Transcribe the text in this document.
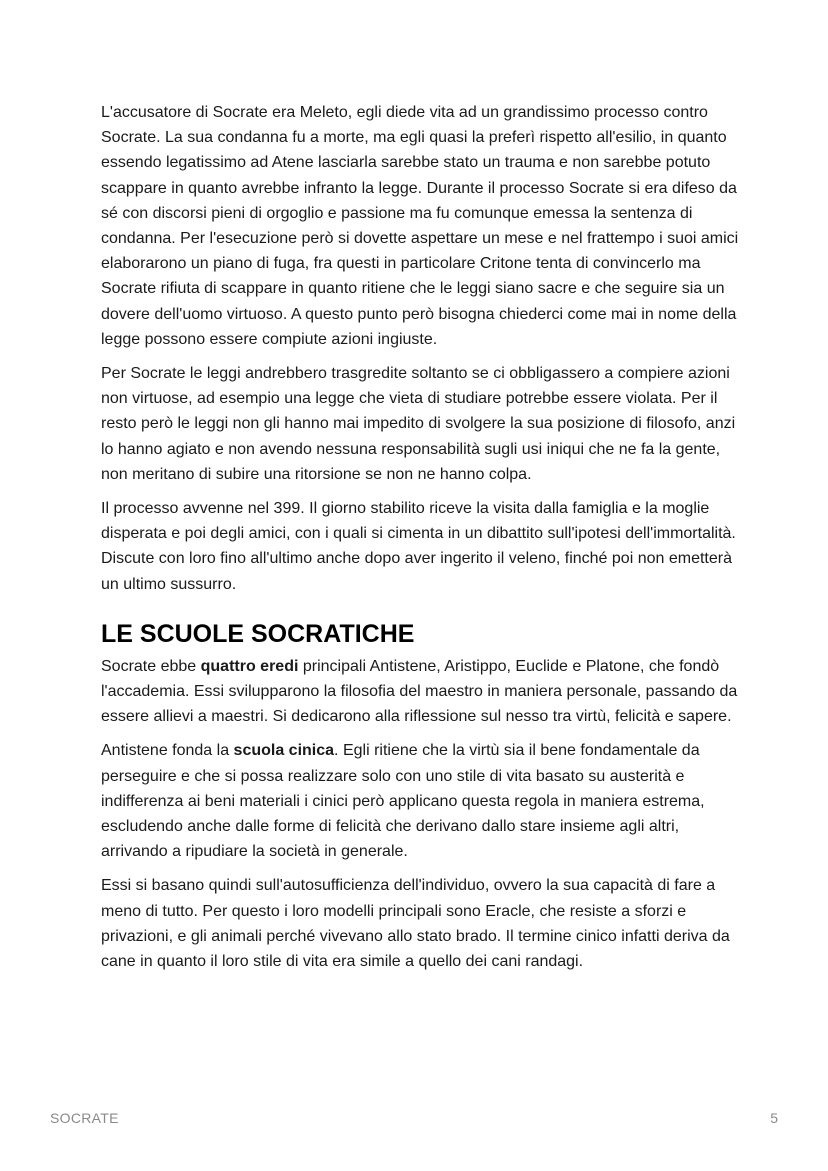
L'accusatore di Socrate era Meleto, egli diede vita ad un grandissimo processo contro Socrate. La sua condanna fu a morte, ma egli quasi la preferì rispetto all'esilio, in quanto essendo legatissimo ad Atene lasciarla sarebbe stato un trauma e non sarebbe potuto scappare in quanto avrebbe infranto la legge. Durante il processo Socrate si era difeso da sé con discorsi pieni di orgoglio e passione ma fu comunque emessa la sentenza di condanna. Per l'esecuzione però si dovette aspettare un mese e nel frattempo i suoi amici elaborarono un piano di fuga, fra questi in particolare Critone tenta di convincerlo ma Socrate rifiuta di scappare in quanto ritiene che le leggi siano sacre e che seguire sia un dovere dell'uomo virtuoso. A questo punto però bisogna chiederci come mai in nome della legge possono essere compiute azioni ingiuste.

Per Socrate le leggi andrebbero trasgredite soltanto se ci obbligassero a compiere azioni non virtuose, ad esempio una legge che vieta di studiare potrebbe essere violata. Per il resto però le leggi non gli hanno mai impedito di svolgere la sua posizione di filosofo, anzi lo hanno agiato e non avendo nessuna responsabilità sugli usi iniqui che ne fa la gente, non meritano di subire una ritorsione se non ne hanno colpa.

Il processo avvenne nel 399. Il giorno stabilito riceve la visita dalla famiglia e la moglie disperata e poi degli amici, con i quali si cimenta in un dibattito sull'ipotesi dell'immortalità. Discute con loro fino all'ultimo anche dopo aver ingerito il veleno, finché poi non emetterà un ultimo sussurro.

LE SCUOLE SOCRATICHE

Socrate ebbe quattro eredi principali Antistene, Aristippo, Euclide e Platone, che fondò l'accademia. Essi svilupparono la filosofia del maestro in maniera personale, passando da essere allievi a maestri. Si dedicarono alla riflessione sul nesso tra virtù, felicità e sapere.

Antistene fonda la scuola cinica. Egli ritiene che la virtù sia il bene fondamentale da perseguire e che si possa realizzare solo con uno stile di vita basato su austerità e indifferenza ai beni materiali i cinici però applicano questa regola in maniera estrema, escludendo anche dalle forme di felicità che derivano dallo stare insieme agli altri, arrivando a ripudiare la società in generale.

Essi si basano quindi sull'autosufficienza dell'individuo, ovvero la sua capacità di fare a meno di tutto. Per questo i loro modelli principali sono Eracle, che resiste a sforzi e privazioni, e gli animali perché vivevano allo stato brado. Il termine cinico infatti deriva da cane in quanto il loro stile di vita era simile a quello dei cani randagi.

SOCRATE	5
